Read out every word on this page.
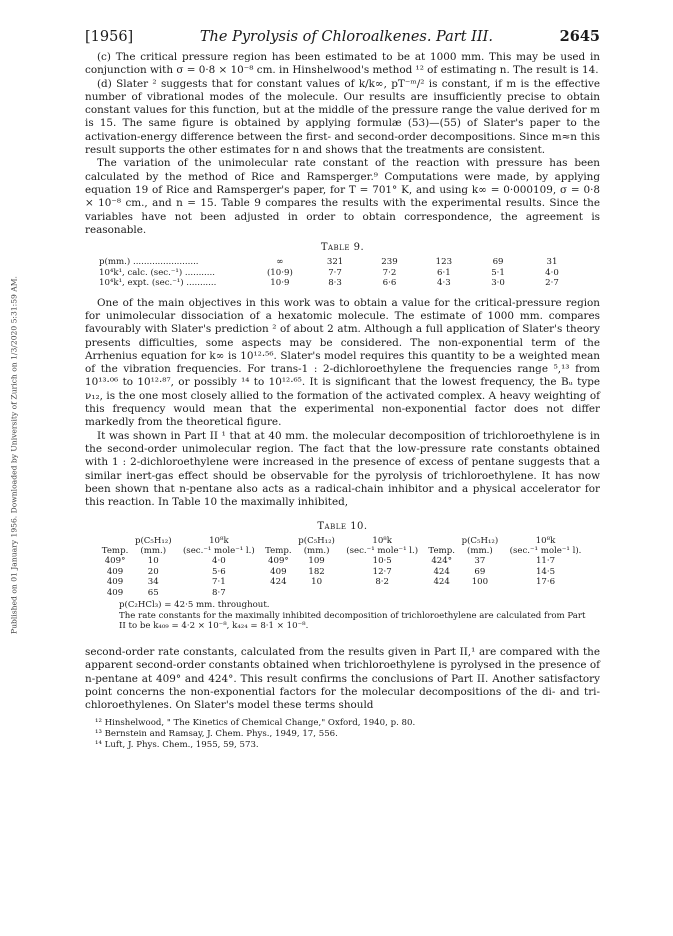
Published on 01 January 1956. Downloaded by University of Zurich on 1/3/2020 5:31:59 AM.
[1956]	The Pyrolysis of Chloroalkenes. Part III.	2645

(c) The critical pressure region has been estimated to be at 1000 mm. This may be used in conjunction with σ = 0·8 × 10⁻⁸ cm. in Hinshelwood's method ¹² of estimating n. The result is 14.

(d) Slater ² suggests that for constant values of k/k∞, pT⁻ᵐ/² is constant, if m is the effective number of vibrational modes of the molecule. Our results are insufficiently precise to obtain constant values for this function, but at the middle of the pressure range the value derived for m is 15. The same figure is obtained by applying formulæ (53)—(55) of Slater's paper to the activation-energy difference between the first- and second-order decompositions. Since m≈n this result supports the other estimates for n and shows that the treatments are consistent.

The variation of the unimolecular rate constant of the reaction with pressure has been calculated by the method of Rice and Ramsperger.⁹ Computations were made, by applying equation 19 of Rice and Ramsperger's paper, for T = 701° K, and using k∞ = 0·000109, σ = 0·8 × 10⁻⁸ cm., and n = 15. Table 9 compares the results with the experimental results. Since the variables have not been adjusted in order to obtain correspondence, the agreement is reasonable.

Table 9.
p(mm.) ........................	∞	321	239	123	69	31
10⁴k¹, calc. (sec.⁻¹) ...........	(10·9)	7·7	7·2	6·1	5·1	4·0
10⁴k¹, expt. (sec.⁻¹) ...........	10·9	8·3	6·6	4·3	3·0	2·7

One of the main objectives in this work was to obtain a value for the critical-pressure region for unimolecular dissociation of a hexatomic molecule. The estimate of 1000 mm. compares favourably with Slater's prediction ² of about 2 atm. Although a full application of Slater's theory presents difficulties, some aspects may be considered. The non-exponential term of the Arrhenius equation for k∞ is 10¹²·⁵⁶. Slater's model requires this quantity to be a weighted mean of the vibration frequencies. For trans-1 : 2-dichloroethylene the frequencies range ⁵,¹³ from 10¹³·⁰⁶ to 10¹²·⁸⁷, or possibly ¹⁴ to 10¹²·⁶⁵. It is significant that the lowest frequency, the Bᵤ type ν₁₂, is the one most closely allied to the formation of the activated complex. A heavy weighting of this frequency would mean that the experimental non-exponential factor does not differ markedly from the theoretical figure.

It was shown in Part II ¹ that at 40 mm. the molecular decomposition of trichloroethylene is in the second-order unimolecular region. The fact that the low-pressure rate constants obtained with 1 : 2-dichloroethylene were increased in the presence of excess of pentane suggests that a similar inert-gas effect should be observable for the pyrolysis of trichloroethylene. It has now been shown that n-pentane also acts as a radical-chain inhibitor and a physical accelerator for this reaction. In Table 10 the maximally inhibited,

Table 10.
	p(C₅H₁₂)	10⁸k		p(C₅H₁₂)	10⁸k		p(C₅H₁₂)	10⁸k
Temp.	(mm.)	(sec.⁻¹ mole⁻¹ l.)	Temp.	(mm.)	(sec.⁻¹ mole⁻¹ l.)	Temp.	(mm.)	(sec.⁻¹ mole⁻¹ l).
409°	10	4·0	409°	109	10·5	424°	37	11·7
409	20	5·6	409	182	12·7	424	69	14·5
409	34	7·1	424	10	8·2	424	100	17·6
409	65	8·7						
p(C₂HCl₃) = 42·5 mm. throughout.
The rate constants for the maximally inhibited decomposition of trichloroethylene are calculated from Part II to be k₄₀₉ = 4·2 × 10⁻⁸, k₄₂₄ = 8·1 × 10⁻⁸.

second-order rate constants, calculated from the results given in Part II,¹ are compared with the apparent second-order constants obtained when trichloroethylene is pyrolysed in the presence of n-pentane at 409° and 424°. This result confirms the conclusions of Part II. Another satisfactory point concerns the non-exponential factors for the molecular decompositions of the di- and tri-chloroethylenes. On Slater's model these terms should

¹² Hinshelwood, " The Kinetics of Chemical Change," Oxford, 1940, p. 80.
¹³ Bernstein and Ramsay, J. Chem. Phys., 1949, 17, 556.
¹⁴ Luft, J. Phys. Chem., 1955, 59, 573.
